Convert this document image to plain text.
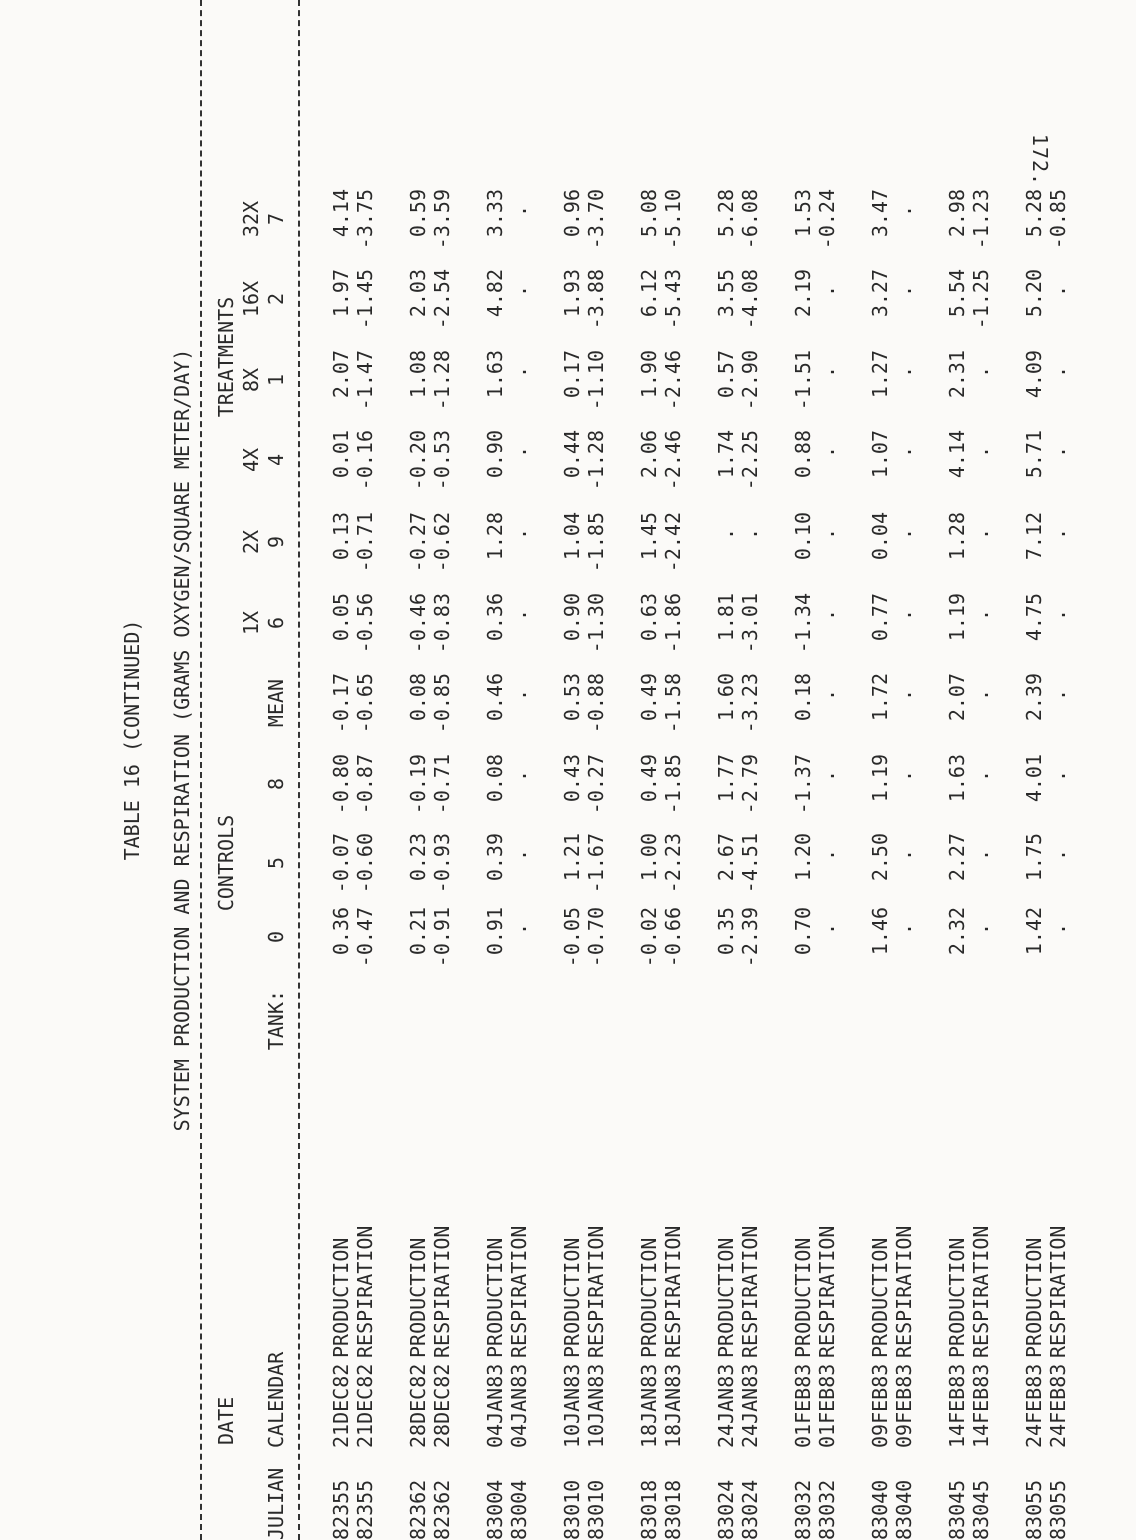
172.
TABLE 16 (CONTINUED) SYSTEM PRODUCTION AND RESPIRATION (GRAMS OXYGEN/SQUARE METER/DAY)
DATE
CONTROLS
TREATMENTS
1X
2X
4X
8X
16X
32X
JULIAN
CALENDAR
TANK:
0
5
8
MEAN
6
9
4
1
2
7
82355
21DEC82
PRODUCTION
0.36
-0.07
-0.80
-0.17
0.05
0.13
0.01
2.07
1.97
4.14
82355
21DEC82
RESPIRATION
-0.47
-0.60
-0.87
-0.65
-0.56
-0.71
-0.16
-1.47
-1.45
-3.75
82362
28DEC82
PRODUCTION
0.21
0.23
-0.19
0.08
-0.46
-0.27
-0.20
1.08
2.03
0.59
82362
28DEC82
RESPIRATION
-0.91
-0.93
-0.71
-0.85
-0.83
-0.62
-0.53
-1.28
-2.54
-3.59
83004
04JAN83
PRODUCTION
0.91
0.39
0.08
0.46
0.36
1.28
0.90
1.63
4.82
3.33
83004
04JAN83
RESPIRATION
.
.
.
.
.
.
.
.
.
.
83010
10JAN83
PRODUCTION
-0.05
1.21
0.43
0.53
0.90
1.04
0.44
0.17
1.93
0.96
83010
10JAN83
RESPIRATION
-0.70
-1.67
-0.27
-0.88
-1.30
-1.85
-1.28
-1.10
-3.88
-3.70
83018
18JAN83
PRODUCTION
-0.02
1.00
0.49
0.49
0.63
1.45
2.06
1.90
6.12
5.08
83018
18JAN83
RESPIRATION
-0.66
-2.23
-1.85
-1.58
-1.86
-2.42
-2.46
-2.46
-5.43
-5.10
83024
24JAN83
PRODUCTION
0.35
2.67
1.77
1.60
1.81
.
1.74
0.57
3.55
5.28
83024
24JAN83
RESPIRATION
-2.39
-4.51
-2.79
-3.23
-3.01
.
-2.25
-2.90
-4.08
-6.08
83032
01FEB83
PRODUCTION
0.70
1.20
-1.37
0.18
-1.34
0.10
0.88
-1.51
2.19
1.53
83032
01FEB83
RESPIRATION
.
.
.
.
.
.
.
.
.
-0.24
83040
09FEB83
PRODUCTION
1.46
2.50
1.19
1.72
0.77
0.04
1.07
1.27
3.27
3.47
83040
09FEB83
RESPIRATION
.
.
.
.
.
.
.
.
.
.
83045
14FEB83
PRODUCTION
2.32
2.27
1.63
2.07
1.19
1.28
4.14
2.31
5.54
2.98
83045
14FEB83
RESPIRATION
.
.
.
.
.
.
.
.
-1.25
-1.23
83055
24FEB83
PRODUCTION
1.42
1.75
4.01
2.39
4.75
7.12
5.71
4.09
5.20
5.28
83055
24FEB83
RESPIRATION
.
.
.
.
.
.
.
.
.
-0.85
